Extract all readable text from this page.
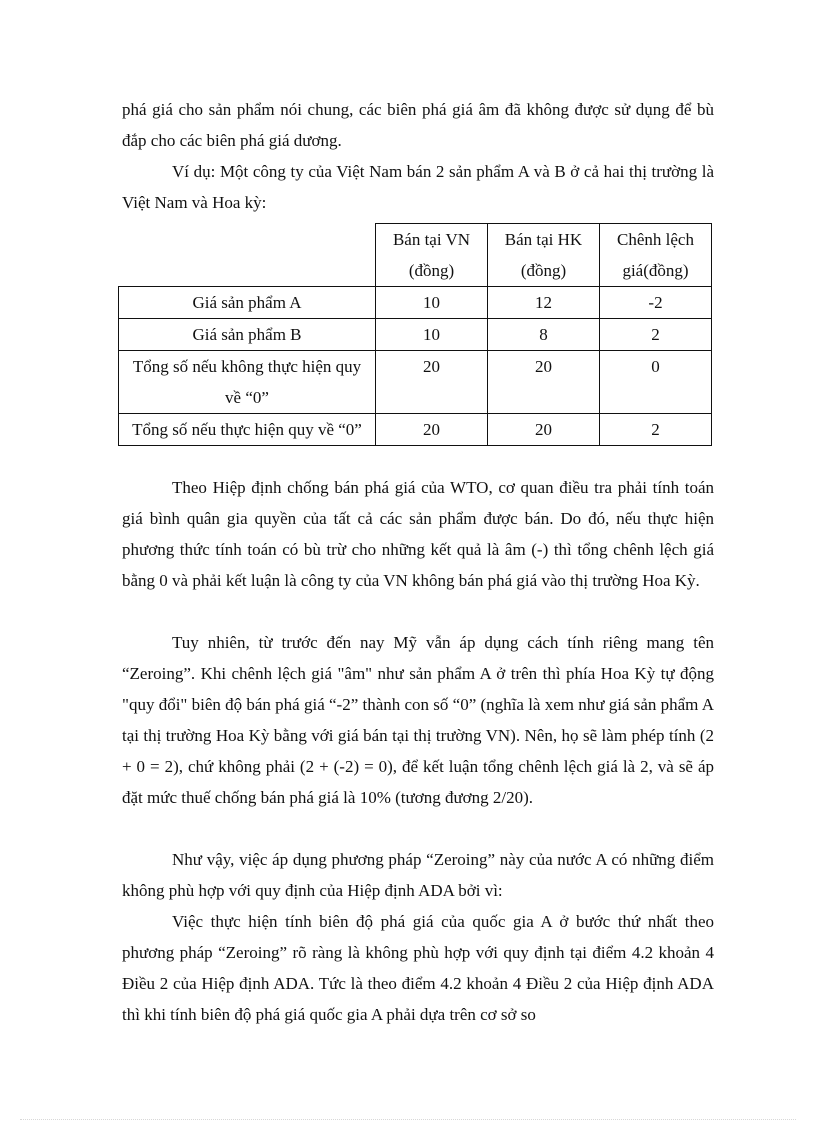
phá giá cho sản phẩm nói chung, các biên phá giá âm đã không được sử dụng để bù đắp cho các biên phá giá dương.

Ví dụ: Một công ty của Việt Nam bán 2 sản phẩm A và B ở cả hai thị trường là Việt Nam và Hoa kỳ:

	Bán tại VN (đồng)	Bán tại HK (đồng)	Chênh lệch giá(đồng)
Giá sản phẩm A	10	12	-2
Giá sản phẩm B	10	8	2
Tổng số nếu không thực hiện quy về “0”	20	20	0
Tổng số nếu thực hiện quy về “0”	20	20	2

Theo Hiệp định chống bán phá giá của WTO, cơ quan điều tra phải tính toán giá bình quân gia quyền của tất cả các sản phẩm được bán. Do đó, nếu thực hiện phương thức tính toán có bù trừ cho những kết quả là âm (-) thì tổng chênh lệch giá bằng 0 và phải kết luận là công ty của VN không bán phá giá vào thị trường Hoa Kỳ.

Tuy nhiên, từ trước đến nay Mỹ vẫn áp dụng cách tính riêng mang tên “Zeroing”. Khi chênh lệch giá "âm" như sản phẩm A ở trên thì phía Hoa Kỳ tự động "quy đổi" biên độ bán phá giá “-2” thành con số “0” (nghĩa là xem như giá sản phẩm A tại thị trường Hoa Kỳ bằng với giá bán tại thị trường VN). Nên, họ sẽ làm phép tính (2 + 0 = 2), chứ không phải (2 + (-2) = 0), để kết luận tổng chênh lệch giá là 2, và sẽ áp đặt mức thuế chống bán phá giá là 10% (tương đương 2/20).

Như vậy, việc áp dụng phương pháp “Zeroing” này của nước A có những điểm không phù hợp với quy định của Hiệp định ADA bởi vì:

Việc thực hiện tính biên độ phá giá của quốc gia A ở bước thứ nhất theo phương pháp “Zeroing” rõ ràng là không phù hợp với quy định tại điểm 4.2 khoản 4 Điều 2 của Hiệp định ADA. Tức là theo điểm 4.2 khoản 4 Điều 2 của Hiệp định ADA thì khi tính biên độ phá giá quốc gia A phải dựa trên cơ sở so
